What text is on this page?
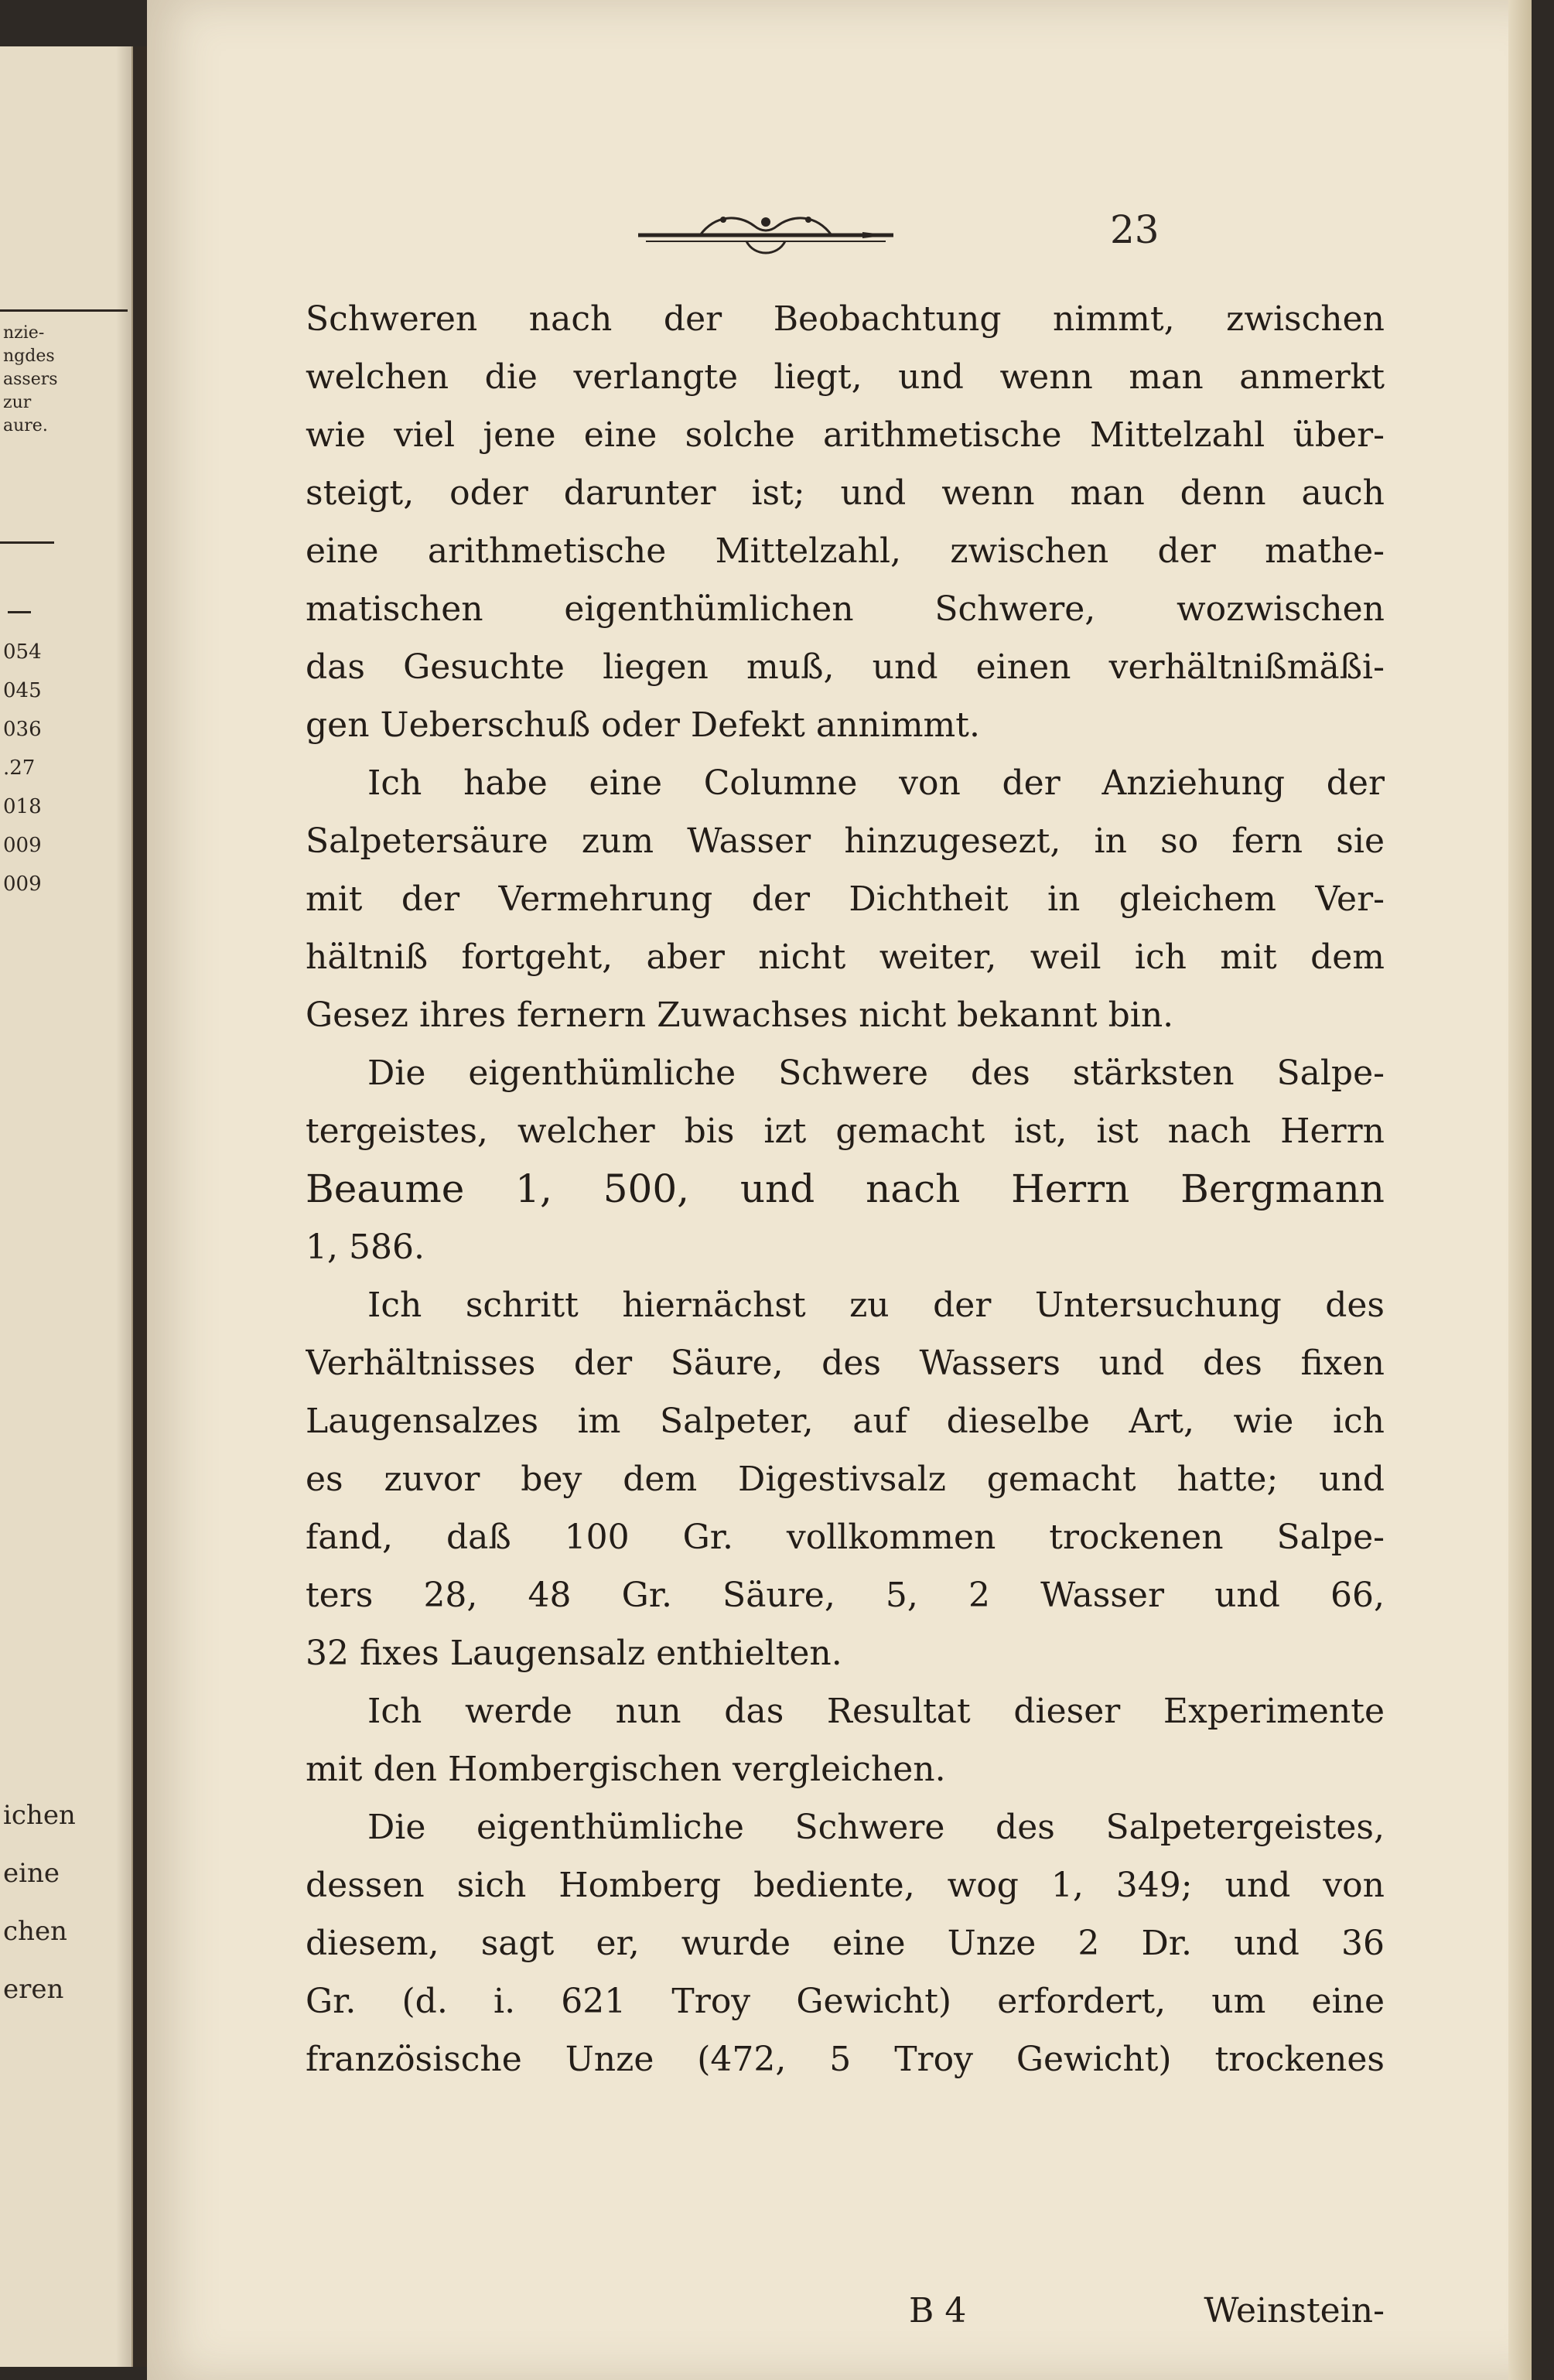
nzie-
ngdes
assers
zur
aure.
054
045
036
.27
018
009
009
ichen
eine
chen
eren
23
Schweren nach der Beobachtung nimmt, zwischen
welchen die verlangte liegt, und wenn man anmerkt
wie viel jene eine solche arithmetische Mittelzahl über-
steigt, oder darunter ist; und wenn man denn auch
eine arithmetische Mittelzahl, zwischen der mathe-
matischen eigenthümlichen Schwere, wozwischen
das Gesuchte liegen muß, und einen verhältnißmäßi-
gen Ueberschuß oder Defekt annimmt.
Ich habe eine Columne von der Anziehung der
Salpetersäure zum Wasser hinzugesezt, in so fern sie
mit der Vermehrung der Dichtheit in gleichem Ver-
hältniß fortgeht, aber nicht weiter, weil ich mit dem
Gesez ihres fernern Zuwachses nicht bekannt bin.
Die eigenthümliche Schwere des stärksten Salpe-
tergeistes, welcher bis izt gemacht ist, ist nach Herrn
Beaume 1, 500, und nach Herrn Bergmann
1, 586.
Ich schritt hiernächst zu der Untersuchung des
Verhältnisses der Säure, des Wassers und des fixen
Laugensalzes im Salpeter, auf dieselbe Art, wie ich
es zuvor bey dem Digestivsalz gemacht hatte; und
fand, daß 100 Gr. vollkommen trockenen Salpe-
ters 28, 48 Gr. Säure, 5, 2 Wasser und 66,
32 fixes Laugensalz enthielten.
Ich werde nun das Resultat dieser Experimente
mit den Hombergischen vergleichen.
Die eigenthümliche Schwere des Salpetergeistes,
dessen sich Homberg bediente, wog 1, 349; und von
diesem, sagt er, wurde eine Unze 2 Dr. und 36
Gr. (d. i. 621 Troy Gewicht) erfordert, um eine
französische Unze (472, 5 Troy Gewicht) trockenes
B 4	Weinstein-
